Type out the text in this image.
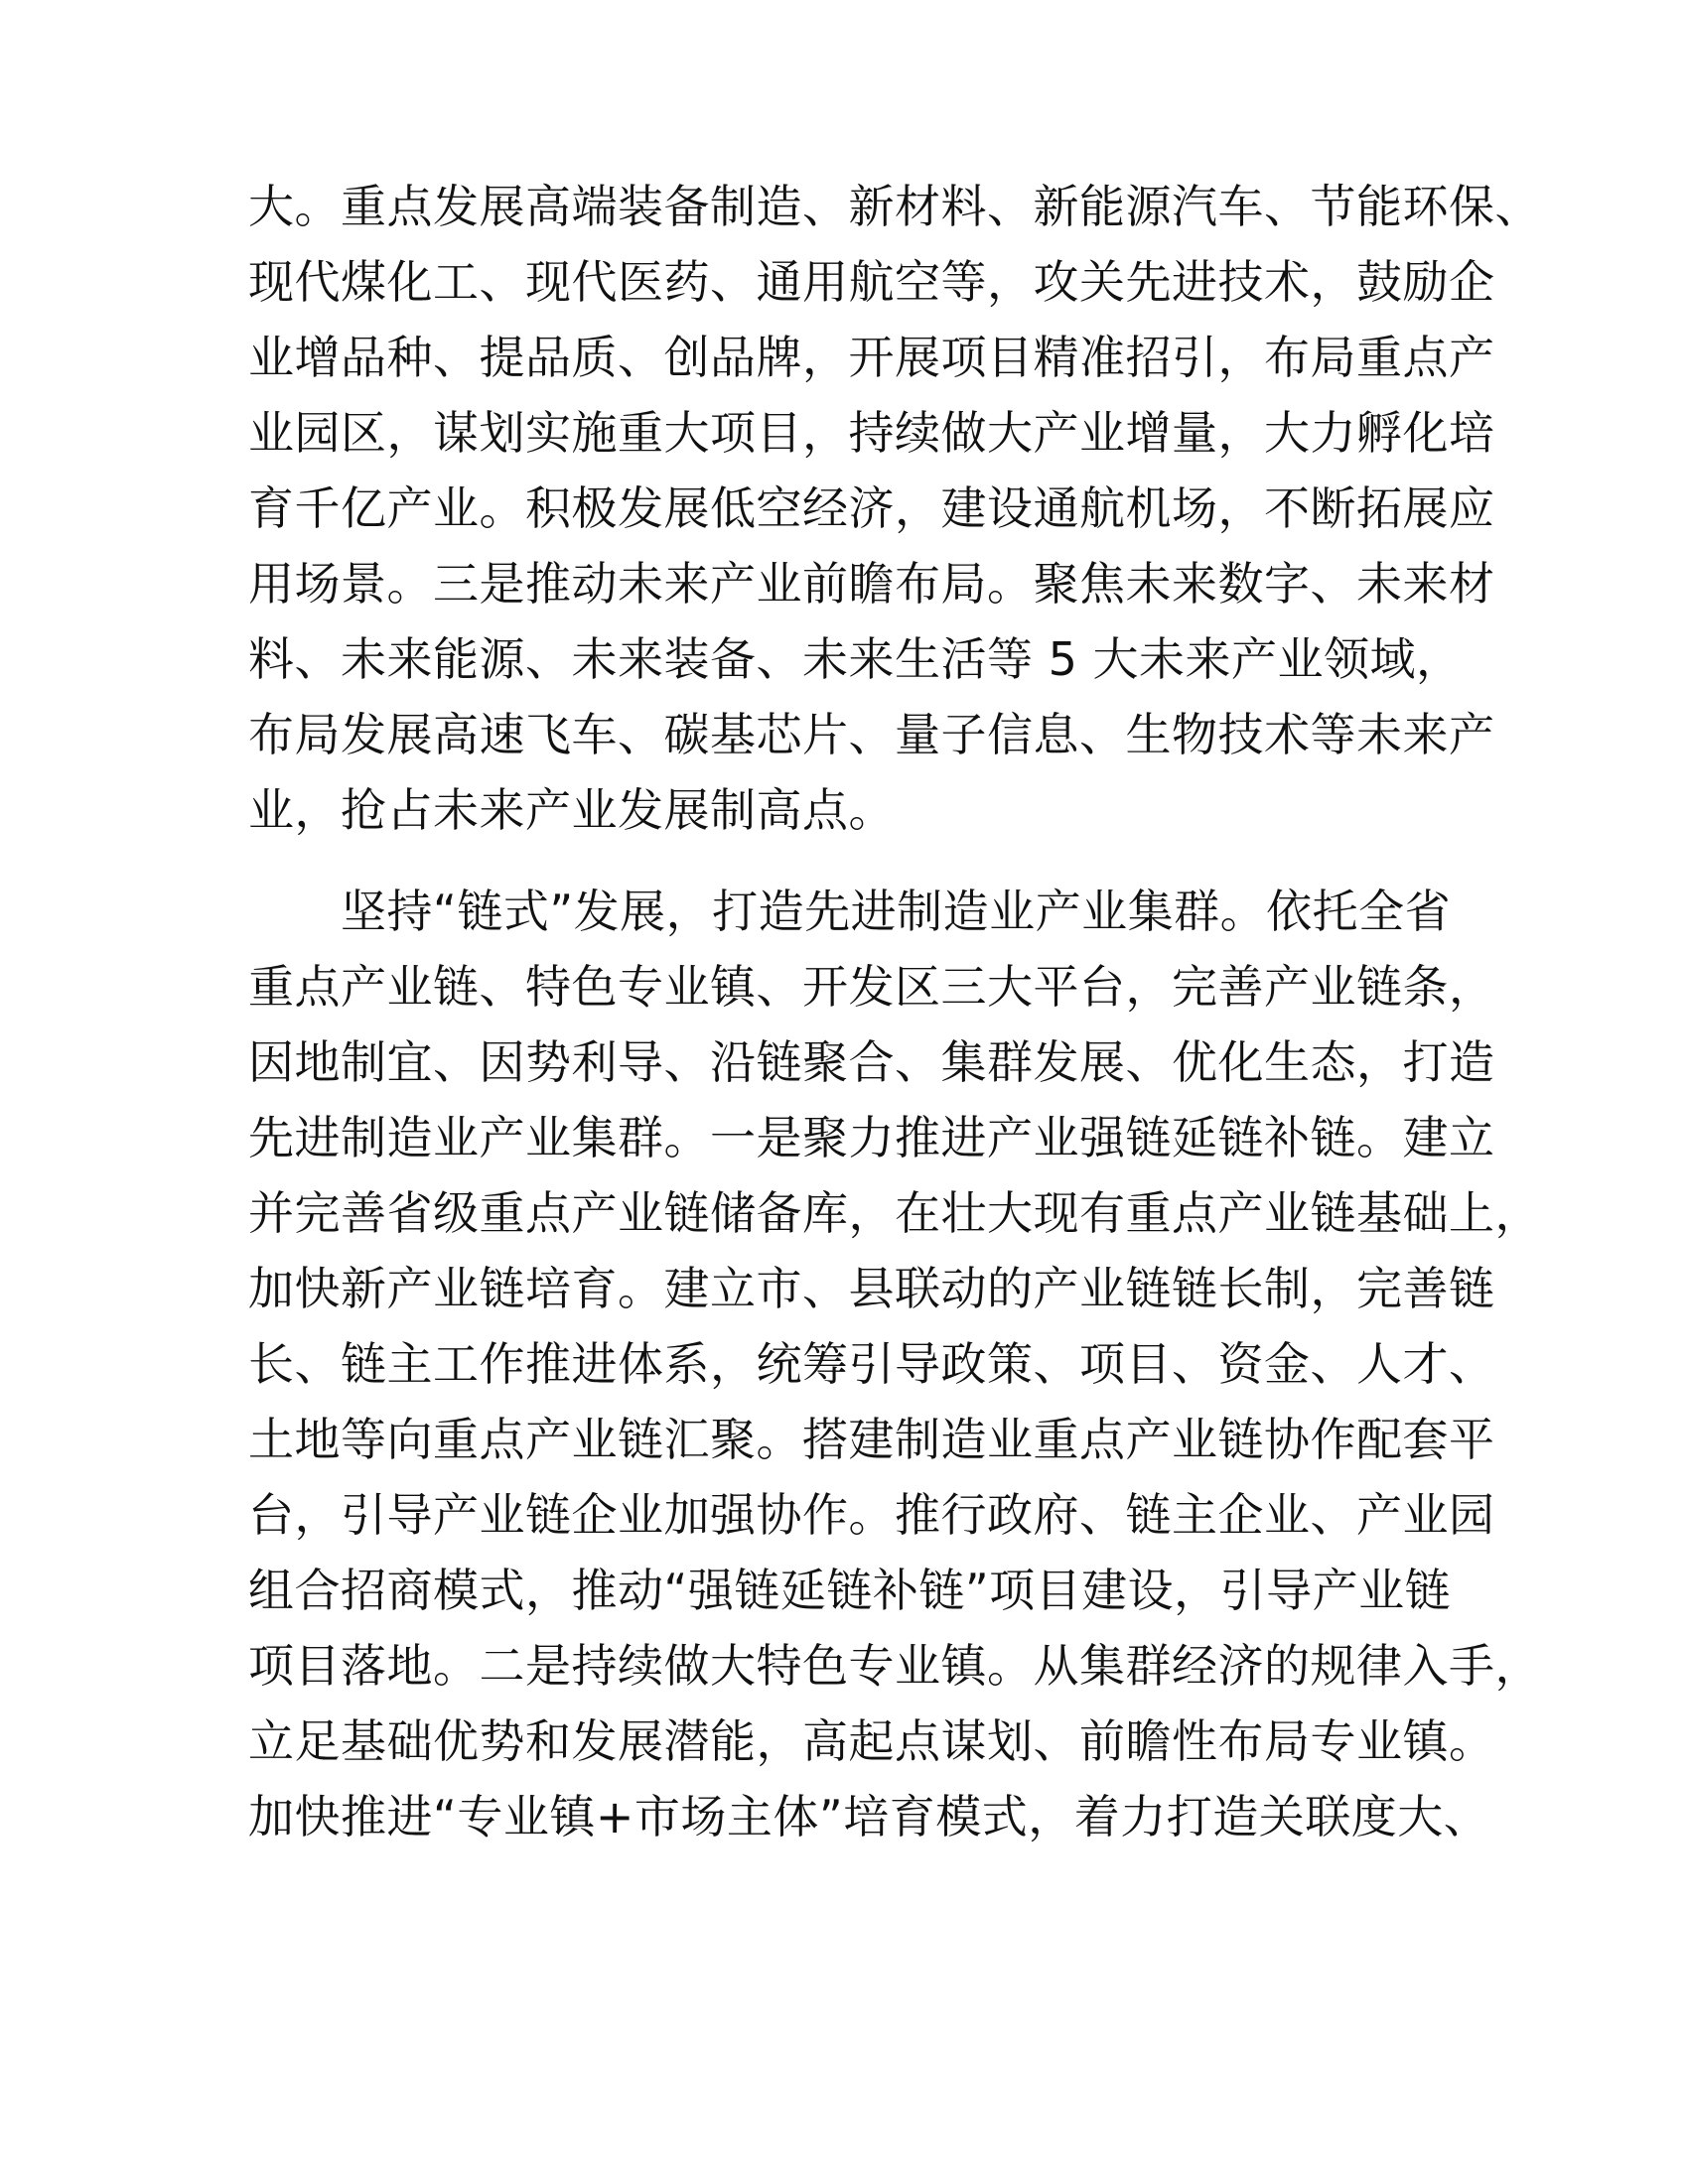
大。重点发展高端装备制造、新材料、新能源汽车、节能环保、
现代煤化工、现代医药、通用航空等，攻关先进技术，鼓励企
业增品种、提品质、创品牌，开展项目精准招引，布局重点产
业园区，谋划实施重大项目，持续做大产业增量，大力孵化培
育千亿产业。积极发展低空经济，建设通航机场，不断拓展应
用场景。三是推动未来产业前瞻布局。聚焦未来数字、未来材
料、未来能源、未来装备、未来生活等 5 大未来产业领域，
布局发展高速飞车、碳基芯片、量子信息、生物技术等未来产
业，抢占未来产业发展制高点。
　　坚持“链式”发展，打造先进制造业产业集群。依托全省
重点产业链、特色专业镇、开发区三大平台，完善产业链条，
因地制宜、因势利导、沿链聚合、集群发展、优化生态，打造
先进制造业产业集群。一是聚力推进产业强链延链补链。建立
并完善省级重点产业链储备库，在壮大现有重点产业链基础上，
加快新产业链培育。建立市、县联动的产业链链长制，完善链
长、链主工作推进体系，统筹引导政策、项目、资金、人才、
土地等向重点产业链汇聚。搭建制造业重点产业链协作配套平
台，引导产业链企业加强协作。推行政府、链主企业、产业园
组合招商模式，推动“强链延链补链”项目建设，引导产业链
项目落地。二是持续做大特色专业镇。从集群经济的规律入手，
立足基础优势和发展潜能，高起点谋划、前瞻性布局专业镇。
加快推进“专业镇+市场主体”培育模式，着力打造关联度大、
